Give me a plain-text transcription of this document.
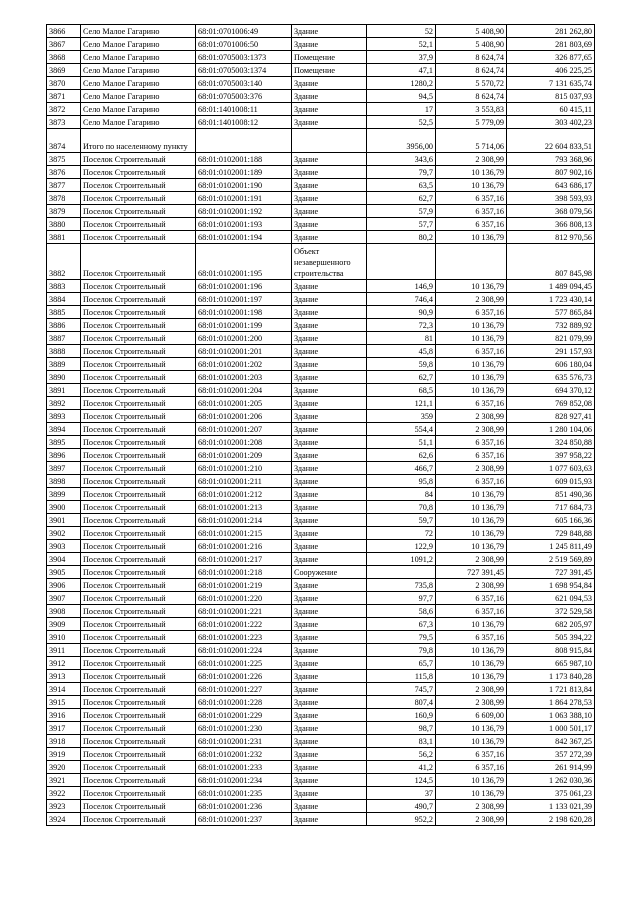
3866	Село Малое Гагарино	68:01:0701006:49	Здание	52	5 408,90	281 262,80
3867	Село Малое Гагарино	68:01:0701006:50	Здание	52,1	5 408,90	281 803,69
3868	Село Малое Гагарино	68:01:0705003:1373	Помещение	37,9	8 624,74	326 877,65
3869	Село Малое Гагарино	68:01:0705003:1374	Помещение	47,1	8 624,74	406 225,25
3870	Село Малое Гагарино	68:01:0705003:140	Здание	1280,2	5 570,72	7 131 635,74
3871	Село Малое Гагарино	68:01:0705003:376	Здание	94,5	8 624,74	815 037,93
3872	Село Малое Гагарино	68:01:1401008:11	Здание	17	3 553,83	60 415,11
3873	Село Малое Гагарино	68:01:1401008:12	Здание	52,5	5 779,09	303 402,23
3874	Итого по населенному пункту			3956,00	5 714,06	22 604 833,51
3875	Поселок Строительный	68:01:0102001:188	Здание	343,6	2 308,99	793 368,96
3876	Поселок Строительный	68:01:0102001:189	Здание	79,7	10 136,79	807 902,16
3877	Поселок Строительный	68:01:0102001:190	Здание	63,5	10 136,79	643 686,17
3878	Поселок Строительный	68:01:0102001:191	Здание	62,7	6 357,16	398 593,93
3879	Поселок Строительный	68:01:0102001:192	Здание	57,9	6 357,16	368 079,56
3880	Поселок Строительный	68:01:0102001:193	Здание	57,7	6 357,16	366 808,13
3881	Поселок Строительный	68:01:0102001:194	Здание	80,2	10 136,79	812 970,56
3882	Поселок Строительный	68:01:0102001:195	Объект незавершенного строительства			807 845,98
3883	Поселок Строительный	68:01:0102001:196	Здание	146,9	10 136,79	1 489 094,45
3884	Поселок Строительный	68:01:0102001:197	Здание	746,4	2 308,99	1 723 430,14
3885	Поселок Строительный	68:01:0102001:198	Здание	90,9	6 357,16	577 865,84
3886	Поселок Строительный	68:01:0102001:199	Здание	72,3	10 136,79	732 889,92
3887	Поселок Строительный	68:01:0102001:200	Здание	81	10 136,79	821 079,99
3888	Поселок Строительный	68:01:0102001:201	Здание	45,8	6 357,16	291 157,93
3889	Поселок Строительный	68:01:0102001:202	Здание	59,8	10 136,79	606 180,04
3890	Поселок Строительный	68:01:0102001:203	Здание	62,7	10 136,79	635 576,73
3891	Поселок Строительный	68:01:0102001:204	Здание	68,5	10 136,79	694 370,12
3892	Поселок Строительный	68:01:0102001:205	Здание	121,1	6 357,16	769 852,08
3893	Поселок Строительный	68:01:0102001:206	Здание	359	2 308,99	828 927,41
3894	Поселок Строительный	68:01:0102001:207	Здание	554,4	2 308,99	1 280 104,06
3895	Поселок Строительный	68:01:0102001:208	Здание	51,1	6 357,16	324 850,88
3896	Поселок Строительный	68:01:0102001:209	Здание	62,6	6 357,16	397 958,22
3897	Поселок Строительный	68:01:0102001:210	Здание	466,7	2 308,99	1 077 603,63
3898	Поселок Строительный	68:01:0102001:211	Здание	95,8	6 357,16	609 015,93
3899	Поселок Строительный	68:01:0102001:212	Здание	84	10 136,79	851 490,36
3900	Поселок Строительный	68:01:0102001:213	Здание	70,8	10 136,79	717 684,73
3901	Поселок Строительный	68:01:0102001:214	Здание	59,7	10 136,79	605 166,36
3902	Поселок Строительный	68:01:0102001:215	Здание	72	10 136,79	729 848,88
3903	Поселок Строительный	68:01:0102001:216	Здание	122,9	10 136,79	1 245 811,49
3904	Поселок Строительный	68:01:0102001:217	Здание	1091,2	2 308,99	2 519 569,89
3905	Поселок Строительный	68:01:0102001:218	Сооружение		727 391,45	727 391,45
3906	Поселок Строительный	68:01:0102001:219	Здание	735,8	2 308,99	1 698 954,84
3907	Поселок Строительный	68:01:0102001:220	Здание	97,7	6 357,16	621 094,53
3908	Поселок Строительный	68:01:0102001:221	Здание	58,6	6 357,16	372 529,58
3909	Поселок Строительный	68:01:0102001:222	Здание	67,3	10 136,79	682 205,97
3910	Поселок Строительный	68:01:0102001:223	Здание	79,5	6 357,16	505 394,22
3911	Поселок Строительный	68:01:0102001:224	Здание	79,8	10 136,79	808 915,84
3912	Поселок Строительный	68:01:0102001:225	Здание	65,7	10 136,79	665 987,10
3913	Поселок Строительный	68:01:0102001:226	Здание	115,8	10 136,79	1 173 840,28
3914	Поселок Строительный	68:01:0102001:227	Здание	745,7	2 308,99	1 721 813,84
3915	Поселок Строительный	68:01:0102001:228	Здание	807,4	2 308,99	1 864 278,53
3916	Поселок Строительный	68:01:0102001:229	Здание	160,9	6 609,00	1 063 388,10
3917	Поселок Строительный	68:01:0102001:230	Здание	98,7	10 136,79	1 000 501,17
3918	Поселок Строительный	68:01:0102001:231	Здание	83,1	10 136,79	842 367,25
3919	Поселок Строительный	68:01:0102001:232	Здание	56,2	6 357,16	357 272,39
3920	Поселок Строительный	68:01:0102001:233	Здание	41,2	6 357,16	261 914,99
3921	Поселок Строительный	68:01:0102001:234	Здание	124,5	10 136,79	1 262 030,36
3922	Поселок Строительный	68:01:0102001:235	Здание	37	10 136,79	375 061,23
3923	Поселок Строительный	68:01:0102001:236	Здание	490,7	2 308,99	1 133 021,39
3924	Поселок Строительный	68:01:0102001:237	Здание	952,2	2 308,99	2 198 620,28
